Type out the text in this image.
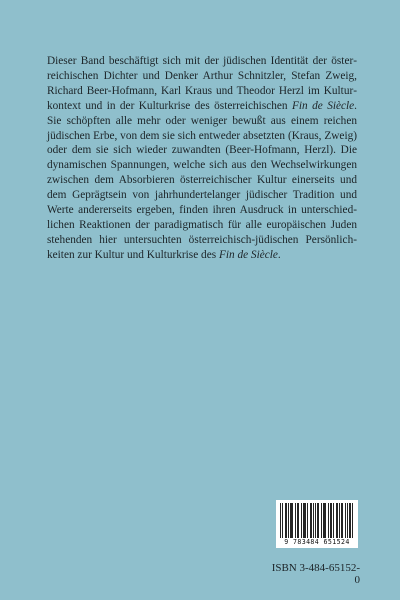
Dieser Band beschäftigt sich mit der jüdischen Identität der österreichischen Dichter und Denker Arthur Schnitzler, Stefan Zweig, Richard Beer-Hofmann, Karl Kraus und Theodor Herzl im Kulturkontext und in der Kulturkrise des österreichischen Fin de Siècle. Sie schöpften alle mehr oder weniger bewußt aus einem reichen jüdischen Erbe, von dem sie sich entweder absetzten (Kraus, Zweig) oder dem sie sich wieder zuwandten (Beer-Hofmann, Herzl). Die dynamischen Spannungen, welche sich aus den Wechselwirkungen zwischen dem Absorbieren österreichischer Kultur einerseits und dem Geprägtsein von jahrhundertelanger jüdischer Tradition und Werte andererseits ergeben, finden ihren Ausdruck in unterschiedlichen Reaktionen der paradigmatisch für alle europäischen Juden stehenden hier untersuchten österreichisch-jüdischen Persönlichkeiten zur Kultur und Kulturkrise des Fin de Siècle.

9 783484 651524
ISBN 3-484-65152-0
